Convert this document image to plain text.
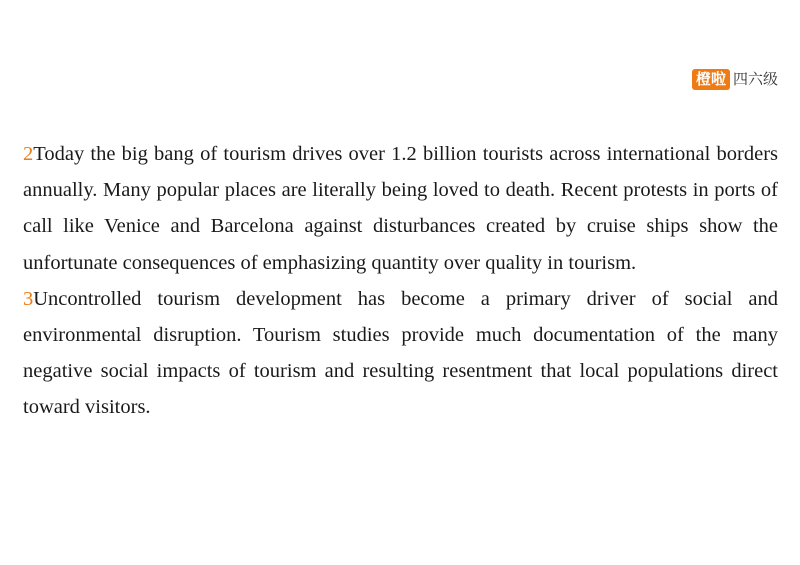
橙啦 四六级

2Today the big bang of tourism drives over 1.2 billion tourists across international borders annually. Many popular places are literally being loved to death. Recent protests in ports of call like Venice and Barcelona against disturbances created by cruise ships show the unfortunate consequences of emphasizing quantity over quality in tourism.

3Uncontrolled tourism development has become a primary driver of social and environmental disruption. Tourism studies provide much documentation of the many negative social impacts of tourism and resulting resentment that local populations direct toward visitors.
